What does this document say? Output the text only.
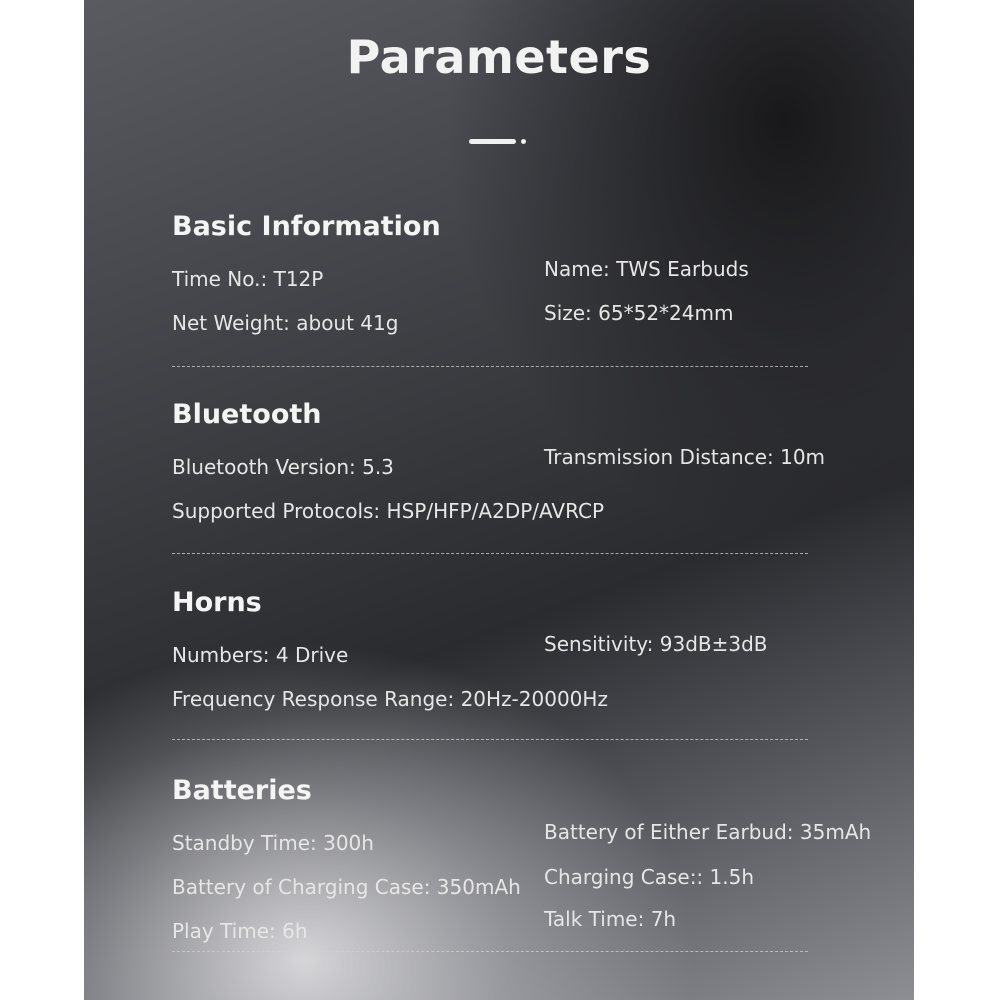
Parameters
Basic Information
Time No.: T12P	Name: TWS Earbuds
Net Weight: about 41g	Size: 65*52*24mm
Bluetooth
Bluetooth Version: 5.3	Transmission Distance: 10m
Supported Protocols: HSP/HFP/A2DP/AVRCP
Horns
Numbers: 4 Drive	Sensitivity: 93dB±3dB
Frequency Response Range: 20Hz-20000Hz
Batteries
Standby Time: 300h	Battery of Either Earbud: 35mAh
Battery of Charging Case: 350mAh Charging Case:: 1.5h
Play Time: 6h	Talk Time: 7h
